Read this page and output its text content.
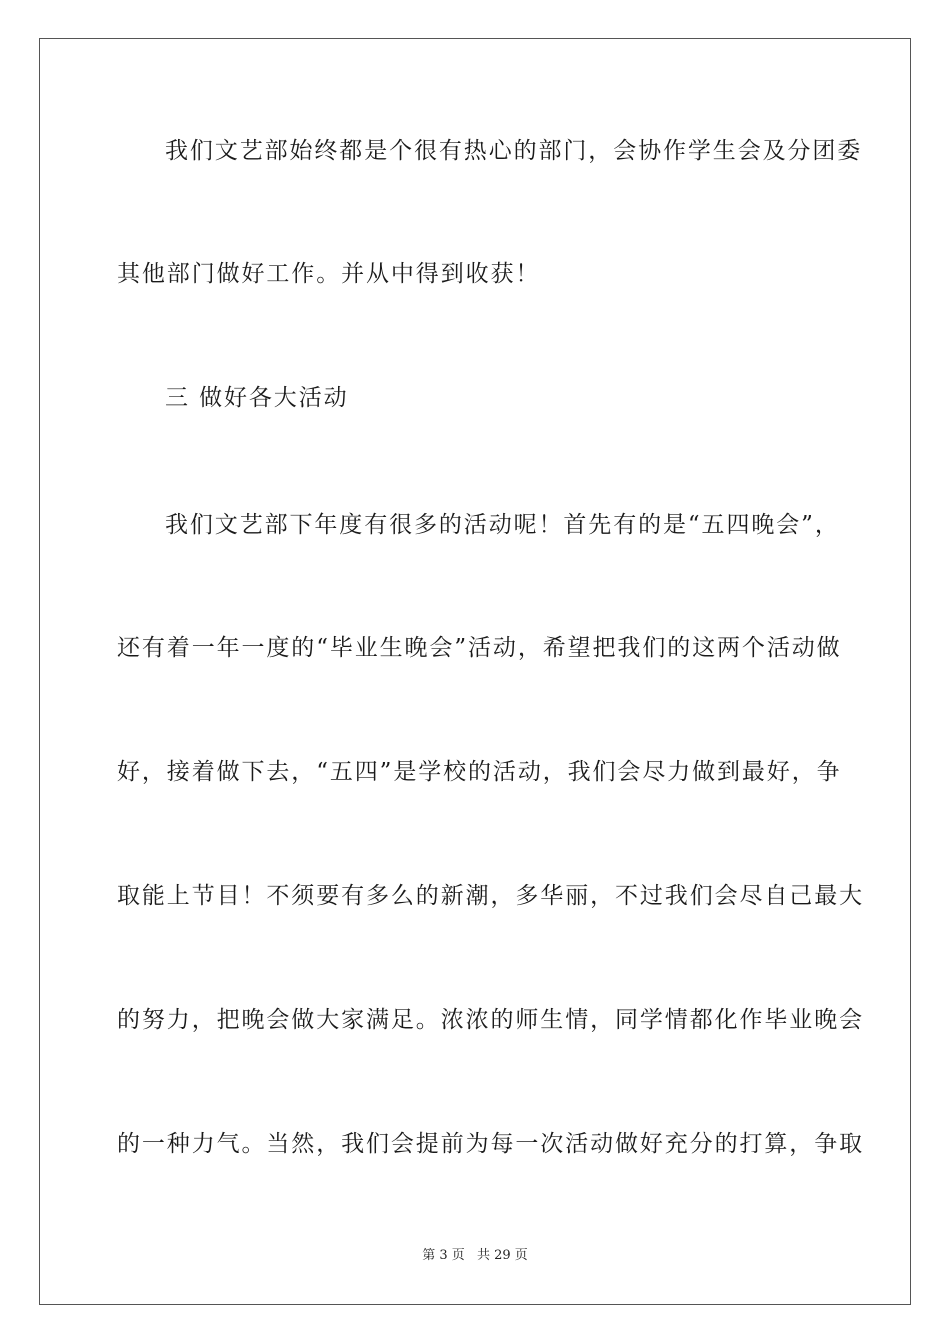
我们文艺部始终都是个很有热心的部门，会协作学生会及分团委
其他部门做好工作。并从中得到收获！
三 做好各大活动
我们文艺部下年度有很多的活动呢！首先有的是“五四晚会”，
还有着一年一度的“毕业生晚会”活动，希望把我们的这两个活动做
好，接着做下去，“五四”是学校的活动，我们会尽力做到最好，争
取能上节目！不须要有多么的新潮，多华丽，不过我们会尽自己最大
的努力，把晚会做大家满足。浓浓的师生情，同学情都化作毕业晚会
的一种力气。当然，我们会提前为每一次活动做好充分的打算，争取
第 3 页 共 29 页
